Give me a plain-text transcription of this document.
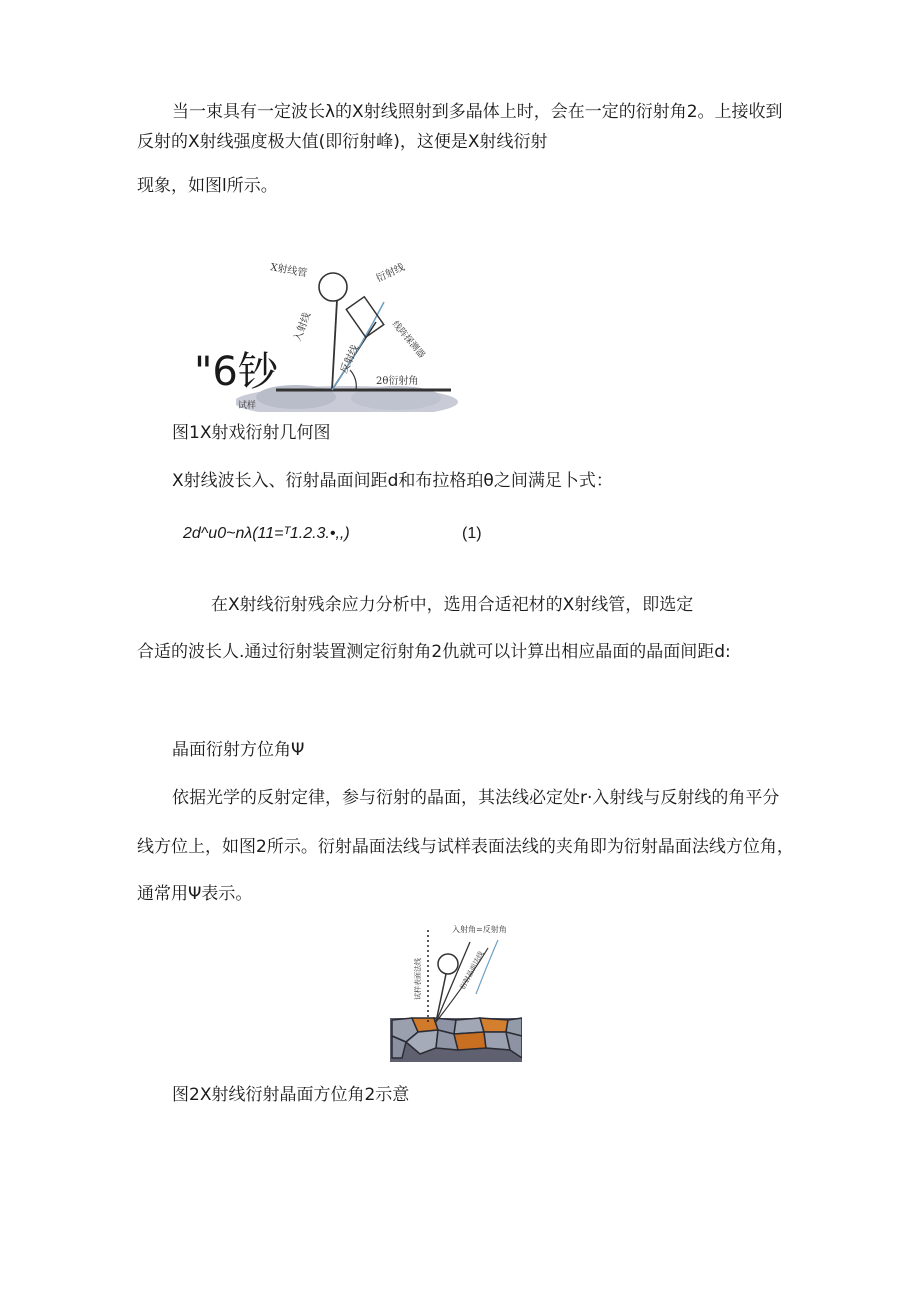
当一束具有一定波长λ的X射线照射到多晶体上时，会在一定的衍射角2。上接收到
反射的X射线强度极大值(即衍射峰)，这便是X射线衍射
现象，如图l所示。
X射线管	衍射线
入射线
反射线	线阵探测器
2θ衍射角
试样
"6钞
图1X射戏衍射几何图
X射线波长入、衍射晶面间距d和布拉格珀θ之间满足卜式：
2d^u0~nλ(11=ᵀ1.2.3.•,,)	(1)
在X射线衍射残余应力分析中，选用合适祀材的X射线管，即选定
合适的波长人.通过衍射装置测定衍射角2仇就可以计算出相应晶面的晶面间距d:
晶面衍射方位角Ψ
依据光学的反射定律，参与衍射的晶面，其法线必定处r·入射线与反射线的角平分
线方位上，如图2所示。衍射晶面法线与试样表面法线的夹角即为衍射晶面法线方位角，
通常用Ψ表示。
入射角=反射角
试样表面法线	衍射晶面法线
图2X射线衍射晶面方位角2示意
